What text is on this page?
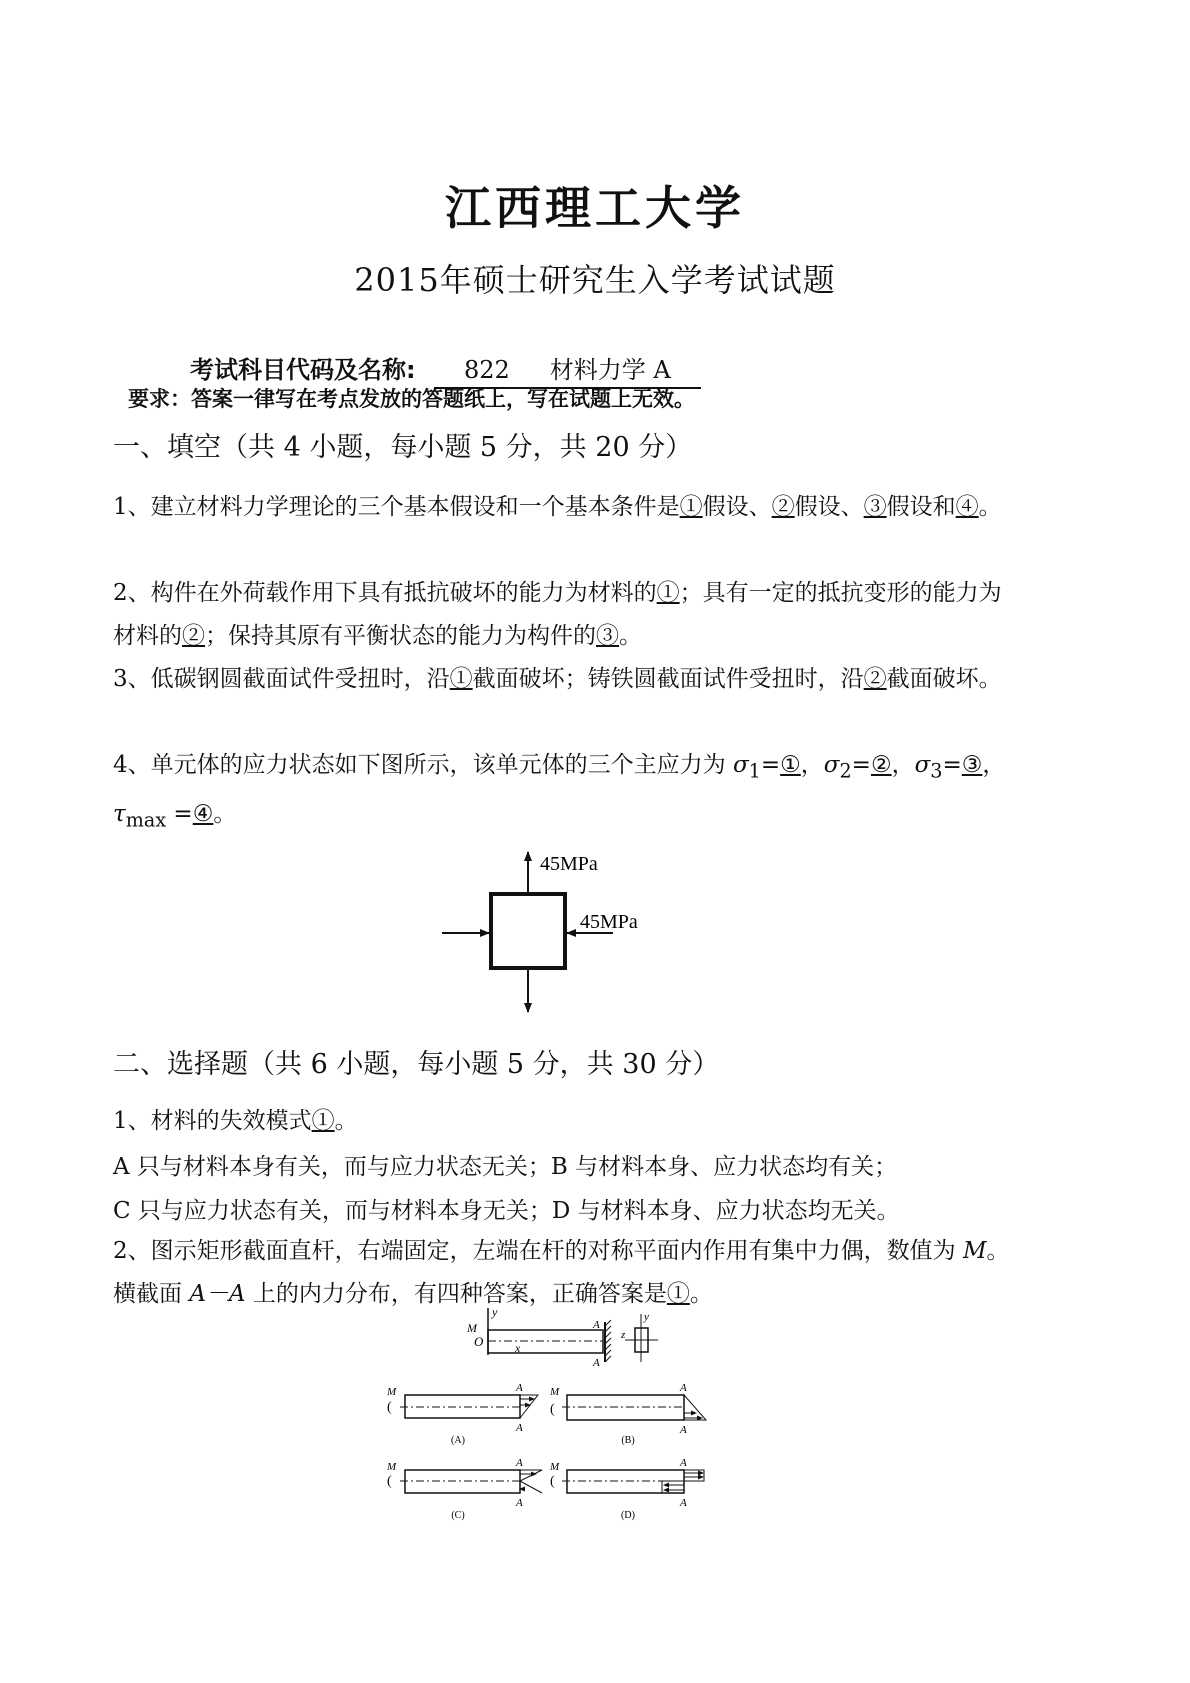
江西理工大学
2015年硕士研究生入学考试试题
考试科目代码及名称: 822 材料力学 A
要求：答案一律写在考点发放的答题纸上，写在试题上无效。
一、填空（共 4 小题，每小题 5 分，共 20 分）
1、建立材料力学理论的三个基本假设和一个基本条件是①假设、②假设、③假设和④。
2、构件在外荷载作用下具有抵抗破坏的能力为材料的①；具有一定的抵抗变形的能力为材料的②；保持其原有平衡状态的能力为构件的③。
3、低碳钢圆截面试件受扭时，沿①截面破坏；铸铁圆截面试件受扭时，沿②截面破坏。
4、单元体的应力状态如下图所示，该单元体的三个主应力为 $\sigma_1=①$，$\sigma_2=②$，$\sigma_3=③$，$\tau_{max}$ =④。
45MPa
45MPa
二、选择题（共 6 小题，每小题 5 分，共 30 分）
1、材料的失效模式①。
A 只与材料本身有关，而与应力状态无关；B 与材料本身、应力状态均有关；
C 只与应力状态有关，而与材料本身无关；D 与材料本身、应力状态均无关。
2、图示矩形截面直杆，右端固定，左端在杆的对称平面内作用有集中力偶，数值为 M。横截面 A－A 上的内力分布，有四种答案，正确答案是①。
y
M
O	x
A
A
y
z
M
(
A
A
(A)
M
(
A
A
(B)
M
(
A
A
(C)
M
(
A
A
(D)
